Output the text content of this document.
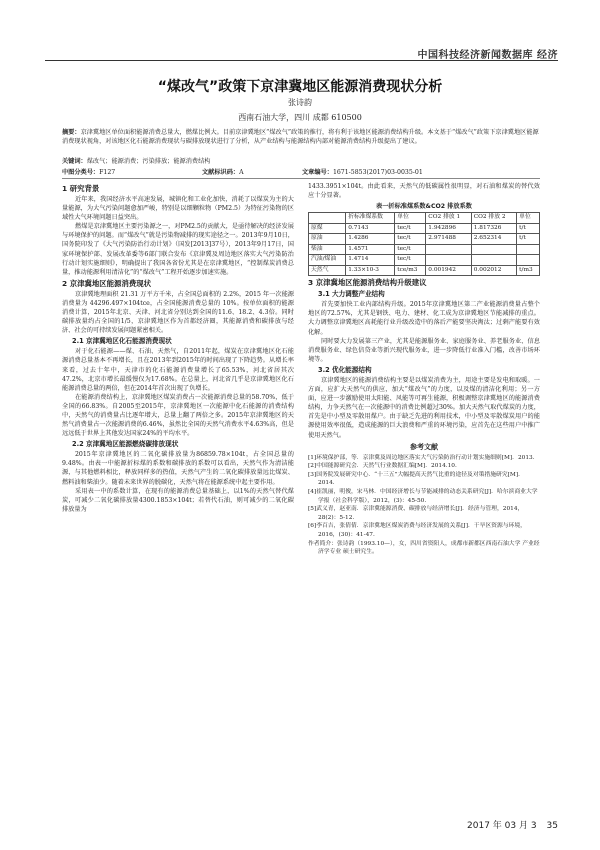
中国科技经济新闻数据库 经济
“煤改气”政策下京津冀地区能源消费现状分析
张诗韵
西南石油大学，四川 成都 610500
摘要：京津冀地区单位面积能源消费总量大，燃煤比例大。目前京津冀地区“煤改气”政策的推行，将有利于该地区能源消费结构升级。本文基于“煤改气”政策下京津冀地区能源消费现状视角，对该地区化石能源消费现状与碳排放现状进行了分析，从产业结构与能源结构内部对能源消费结构升级提出了建议。
关键词：煤改气；能源消费；污染排放；能源消费结构
中图分类号：F127	文献标识码：A	文章编号：1671-5853(2017)03-0035-01
1 研究背景

近年来，我国经济水平高速发展，城镇化和工业化加快，消耗了以煤炭为主的大量能源，为大气污染问题愈加严峻，特别是以细颗粒物（PM2.5）为特征污染物的区域性大气环境问题日益突出。

燃煤是京津冀地区主要污染源之一，对PM2.5的贡献大，是亟待解决的经济发展与环境保护的问题。而“煤改气”就是污染物减排的现实途径之一。2013年9月10日，国务院印发了《大气污染防治行动计划》（国发[2013]37号），2013年9月17日，国家环境保护部、发展改革委等6部门联合发布《京津冀及周边地区落实大气污染防治行动计划实施细则》，明确提出了我国各省份尤其是在京津冀地区，“控制煤炭消费总量，推动能源利用清洁化”的“煤改气”工程开始逐步加速实施。

2 京津冀地区能源消费现状

京津冀地理面积 21.31 万平方千米，占全国总面积的 2.2%，2015 年一次能源消费量为 44296.497×104tce，占全国能源消费总量的 10%。按单位面积的能源消费计算，2015年北京、天津、河北省分别达到全国的11.6、18.2、4.3倍。同时碳排放量约占全国的1/5，京津冀地区作为首都经济圈，其能源消费和碳排放与经济、社会的可持续发展问题紧密相关。

2.1 京津冀地区化石能源消费现状

对于化石能源——煤、石油、天然气，自2011年起，煤炭在京津冀地区化石能源消费总量基本不再增长，且在2013年到2015年的时间出现了下降趋势。从增长率来看，过去十年中，天津市的化石能源消费量增长了65.53%，河北省居其次47.2%，北京市增长最缓慢仅为17.68%。在总量上，河北省几乎是京津冀地区化石能源消费总量的两倍，但在2014年首次出现了负增长。

在能源消费结构上，京津冀地区煤炭消费占一次能源消费总量的58.70%，低于全国的66.83%。自2005至2015年，京津冀地区一次能源中化石能源的消费结构中，天然气的消费量占比逐年增大，总量上翻了两倍之多。2015年京津冀地区的天然气消费量占一次能源消费的6.46%，虽然比全国的天然气消费水平4.63%高，但是远远低于世界上其他发达国家24%的平均水平。

2.2 京津冀地区能源燃烧碳排放现状

2015年京津冀地区的二氧化碳排放量为86859.78×104t，占全国总量的9.48%。由表一中能源折标煤的系数和碳排放的系数可以看出，天然气作为清洁能源，与其他燃料相比，释放同样多的热值，天然气产生的二氧化碳排放量远比煤炭、燃料油和柴油少。随着未来世界的脱碳化，天然气将在能源系统中起主要作用。

采用表一中的系数计算，在现有的能源消费总量基础上，以1%的天然气替代煤炭，可减少二氧化碳排放量4300.1853×104t；若替代石油，则可减少的二氧化碳排放量为

1433.3951×104t。由此看来，天然气的低碳属性很明显，对石油和煤炭的替代效应十分显著。

表一折标准煤系数&CO2 排放系数
	折标准煤系数	单位	CO2 排放 1	CO2 排放 2	单位
原煤	0.7143	tec/t	1.942896	1.817326	t/t
原油	1.4286	tec/t	2.971488	2.652314	t/t
柴油	1.4571	tec/t			
汽油/煤油	1.4714	tec/t			
天然气	1.33×10-3	tce/m3	0.001942	0.002012	t/m3
3 京津冀地区能源消费结构升级建议
3.1 大力调整产业结构

首先要加快工业内部结构升级。2015年京津冀地区第二产业能源消费量占整个地区的72.57%，尤其是钢铁、电力、建材、化工成为京津冀地区节能减排的重点。大力调整京津冀地区高耗能行业升级改造中的落后产能要坚决淘汰；过剩产能要有效化解。

同时要大力发展第三产业，尤其是能源服务业、家庭服务业、养老服务业、信息消费服务业、绿色信贷业等新兴现代服务业，进一步降低行业准入门槛，改善市场环境等。

3.2 优化能源结构

京津冀地区的能源消费结构主要是以煤炭消费为主，用途主要是发电和取暖。一方面，应扩大天然气的供应，加大“煤改气”的力度，以及煤的清洁化利用；另一方面，应进一步激励使用太阳能、风能等可再生能源，积极调整京津冀地区的能源消费结构，力争天然气在一次能源中的消费比例超过30%。加大天然气取代煤炭的力度，首先是中小型及零散用煤户。由于缺乏先进的利用技术，中小型及零散煤炭用户的能源使用效率很低，造成能源的巨大浪费和严重的环境污染，应首先在这些用户中推广使用天然气。

参考文献
[1]环境保护部，等．京津冀及周边地区落实大气污染防治行动计划实施细则[M]．2013.
[2]中国能源研究会．天然气行业数据汇编[M]．2014.10.
[3]国务院发展研究中心．“十三五”大幅提高天然气比重的途径及对策措施研究[M]．2014.
[4]崔凯丽，明俊，宋马林．中国经济增长与节能减排的动态关系研究[J]．哈尔滨商业大学学报（社会科学版），2012，(3)：45-50.
[5]武义青，赵亚南．京津冀能源消费、碳排放与经济增长[J]．经济与管理，2014，28(2)：5-12.
[6]李百吉，张倩倩．京津冀地区煤炭消费与经济发展的关系[J]．干旱区资源与环境，2016，(30)：41-47.
作者简介：张诗韵（1993.10—），女，四川省资阳人，成都市新都区西南石油大学 产业经济学专业 硕士研究生。
2017 年 03 月 3 35
